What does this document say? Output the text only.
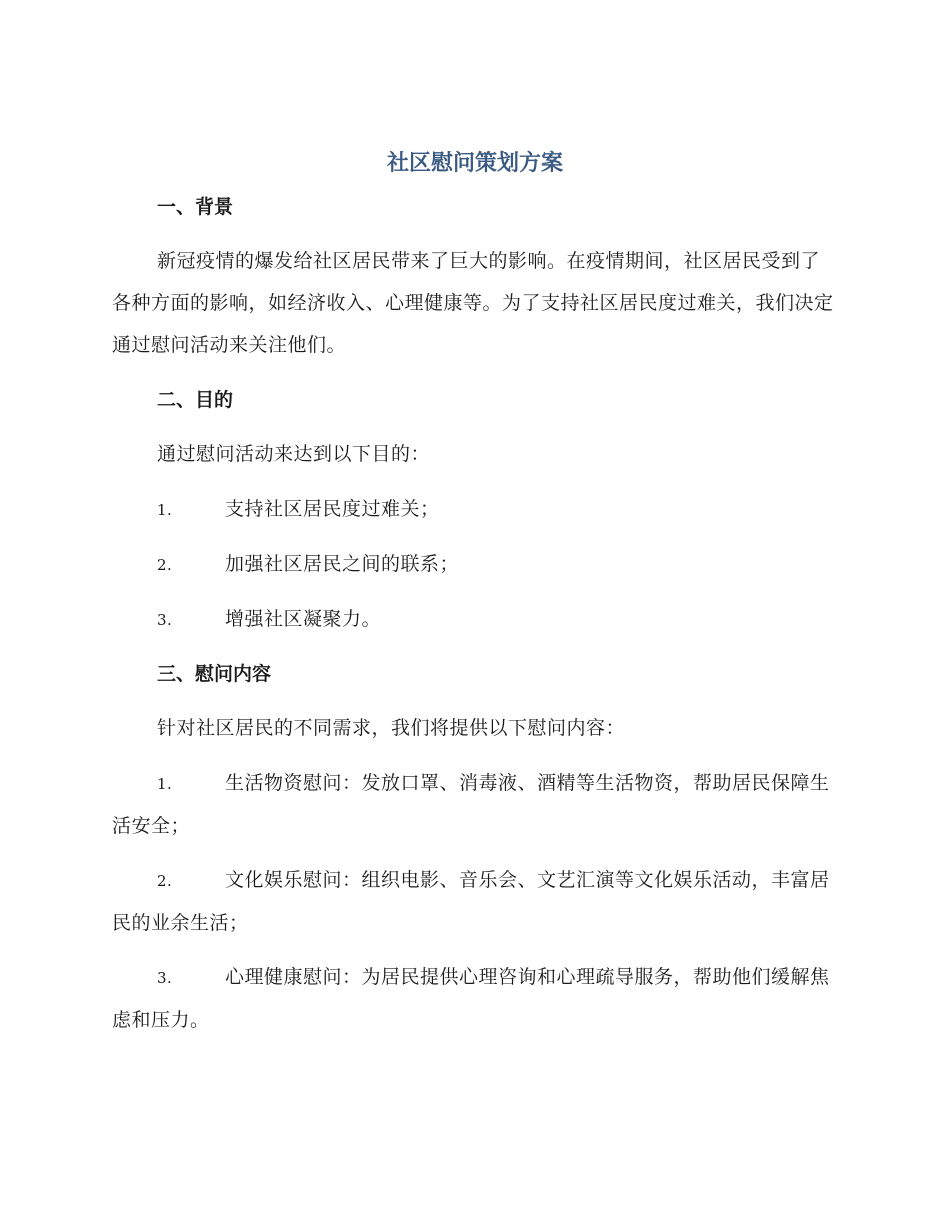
社区慰问策划方案
一、背景
新冠疫情的爆发给社区居民带来了巨大的影响。在疫情期间，社区居民受到了各种方面的影响，如经济收入、心理健康等。为了支持社区居民度过难关，我们决定通过慰问活动来关注他们。
二、目的
通过慰问活动来达到以下目的：
1.	支持社区居民度过难关；
2.	加强社区居民之间的联系；
3.	增强社区凝聚力。
三、慰问内容
针对社区居民的不同需求，我们将提供以下慰问内容：
1.	生活物资慰问：发放口罩、消毒液、酒精等生活物资，帮助居民保障生活安全；
2.	文化娱乐慰问：组织电影、音乐会、文艺汇演等文化娱乐活动，丰富居民的业余生活；
3.	心理健康慰问：为居民提供心理咨询和心理疏导服务，帮助他们缓解焦虑和压力。
